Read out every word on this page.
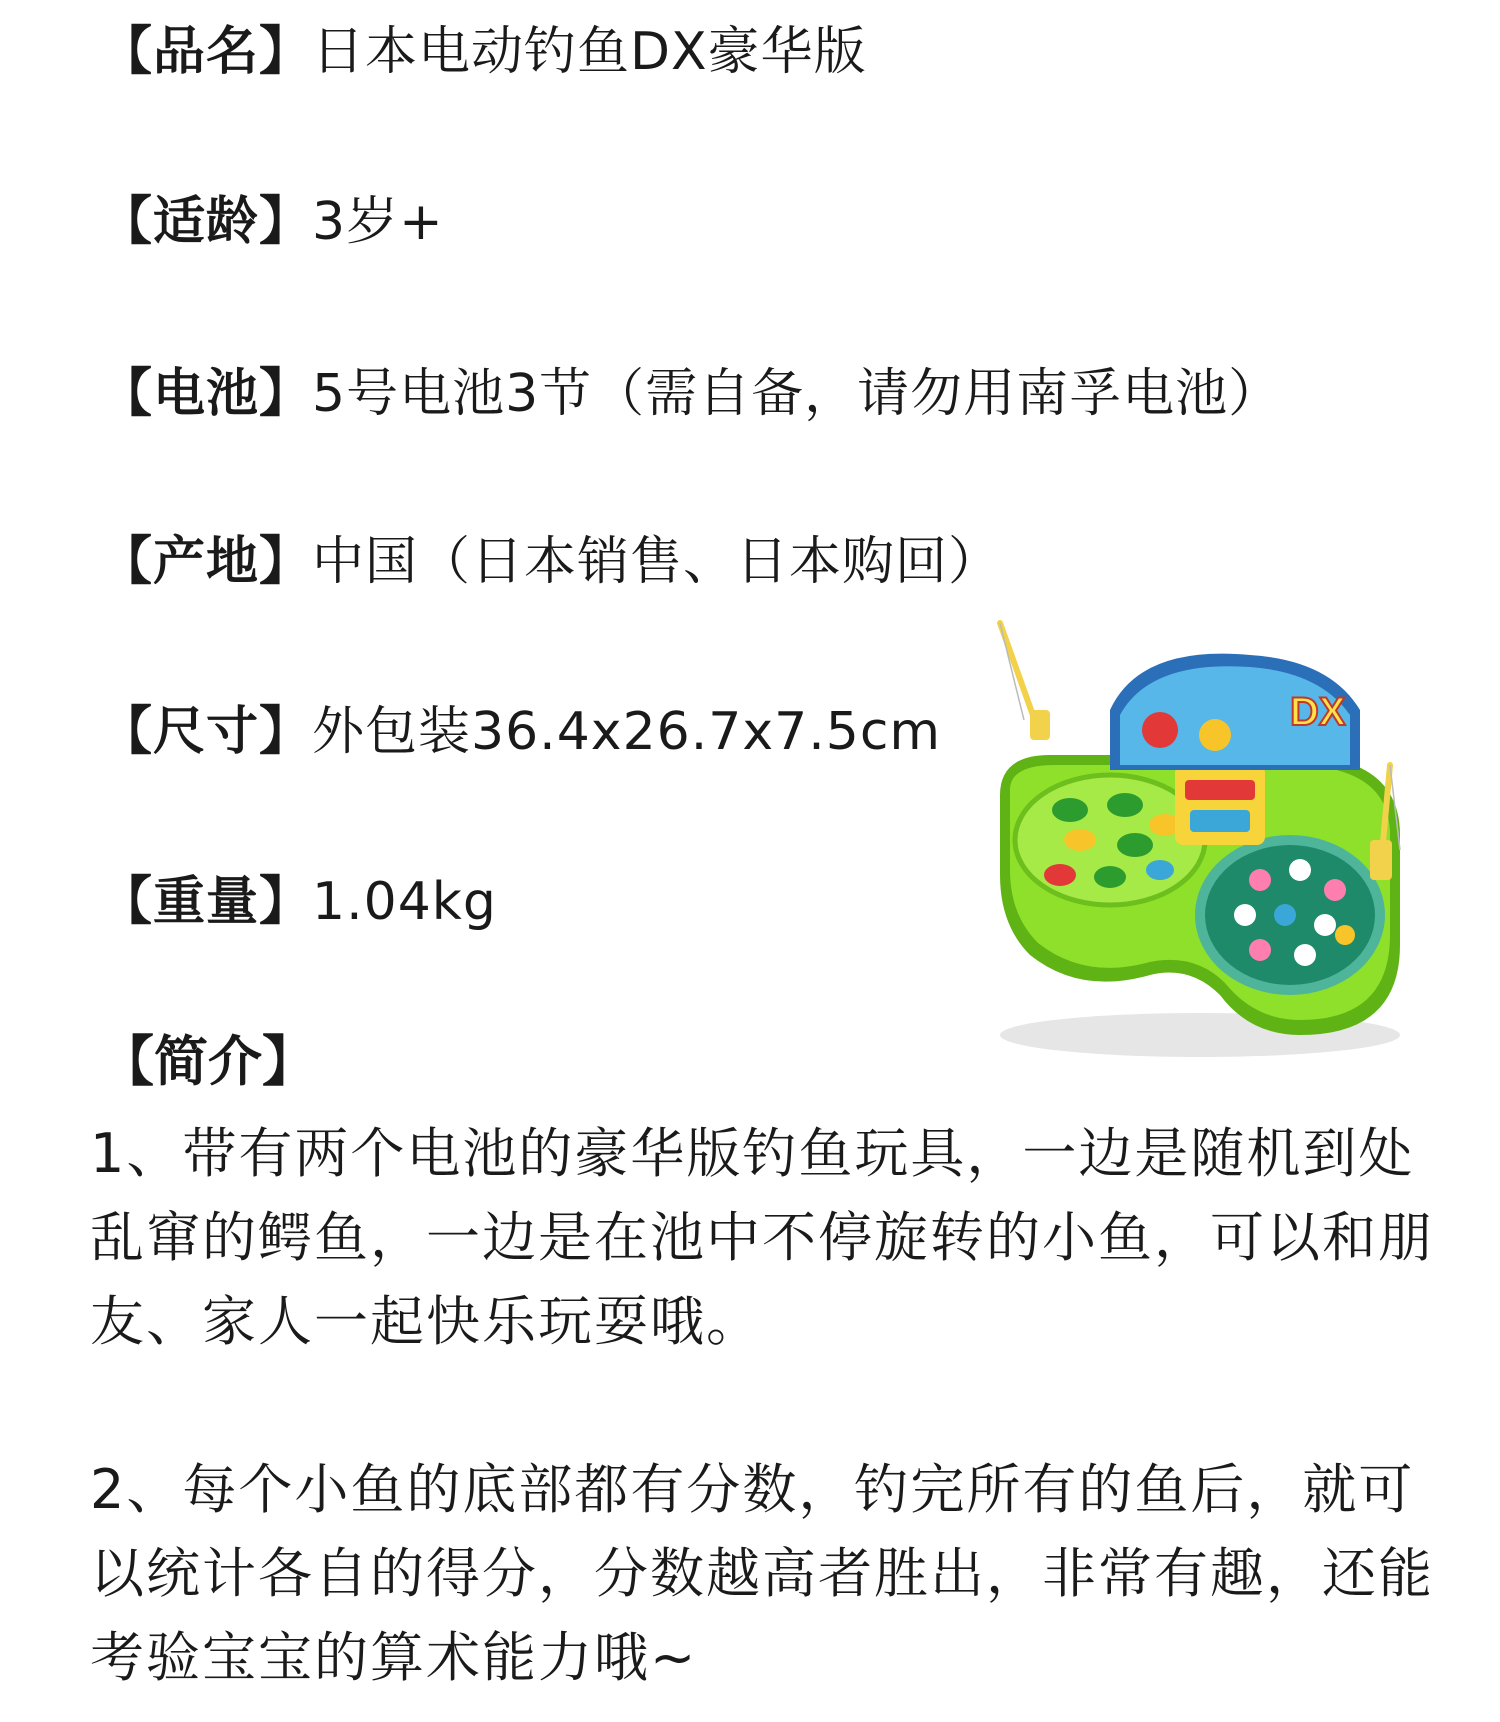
【品名】日本电动钓鱼DX豪华版
【适龄】3岁+
【电池】5号电池3节（需自备，请勿用南孚电池）
【产地】中国（日本销售、日本购回）
【尺寸】外包装36.4x26.7x7.5cm
【重量】1.04kg
【简介】
1、带有两个电池的豪华版钓鱼玩具，一边是随机到处乱窜的鳄鱼，一边是在池中不停旋转的小鱼，可以和朋友、家人一起快乐玩耍哦。
2、每个小鱼的底部都有分数，钓完所有的鱼后，就可以统计各自的得分，分数越高者胜出，非常有趣，还能考验宝宝的算术能力哦~
DX
